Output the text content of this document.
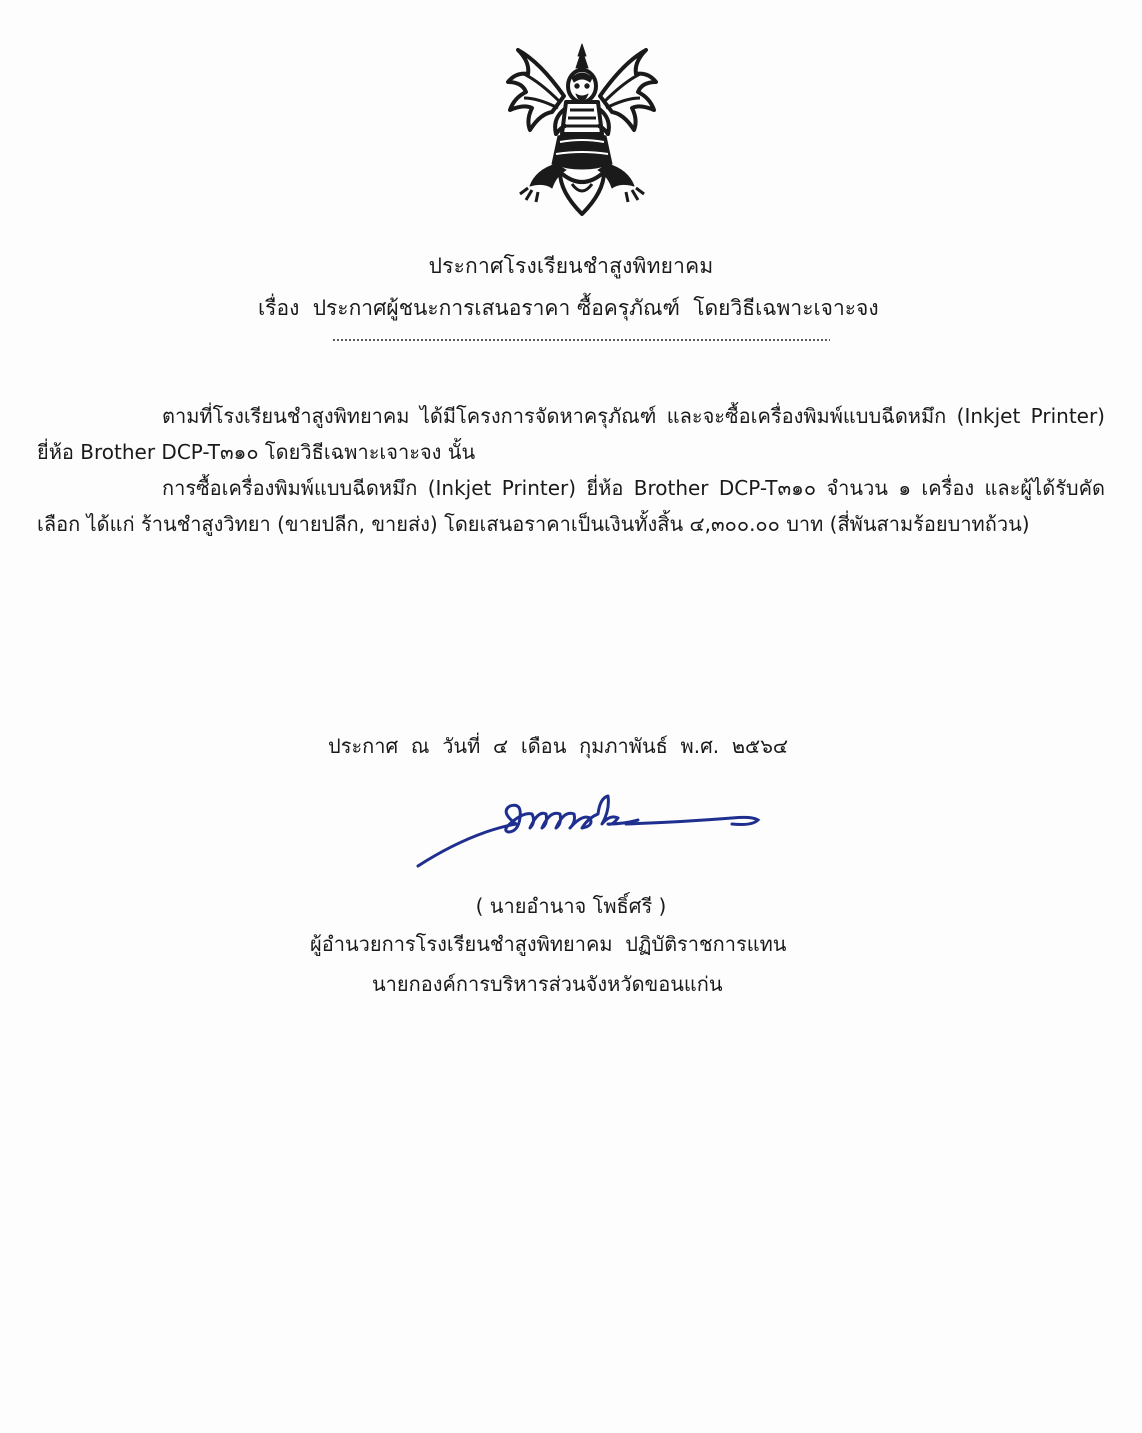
ประกาศโรงเรียนชำสูงพิทยาคม
เรื่อง ประกาศผู้ชนะการเสนอราคา ซื้อครุภัณฑ์  โดยวิธีเฉพาะเจาะจง

ตามที่โรงเรียนชำสูงพิทยาคม ได้มีโครงการจัดหาครุภัณฑ์ และจะซื้อเครื่องพิมพ์แบบฉีดหมึก (Inkjet Printer) ยี่ห้อ Brother DCP-T๓๑๐ โดยวิธีเฉพาะเจาะจง นั้น

การซื้อเครื่องพิมพ์แบบฉีดหมึก (Inkjet Printer) ยี่ห้อ Brother DCP-T๓๑๐ จำนวน ๑ เครื่อง และผู้ได้รับคัดเลือก ได้แก่ ร้านชำสูงวิทยา (ขายปลีก, ขายส่ง) โดยเสนอราคาเป็นเงินทั้งสิ้น ๔,๓๐๐.๐๐ บาท (สี่พันสามร้อยบาทถ้วน)

ประกาศ  ณ  วันที่  ๔  เดือน  กุมภาพันธ์  พ.ศ.  ๒๕๖๔
( นายอำนาจ โพธิ์ศรี )
ผู้อำนวยการโรงเรียนชำสูงพิทยาคม  ปฏิบัติราชการแทน
นายกองค์การบริหารส่วนจังหวัดขอนแก่น
